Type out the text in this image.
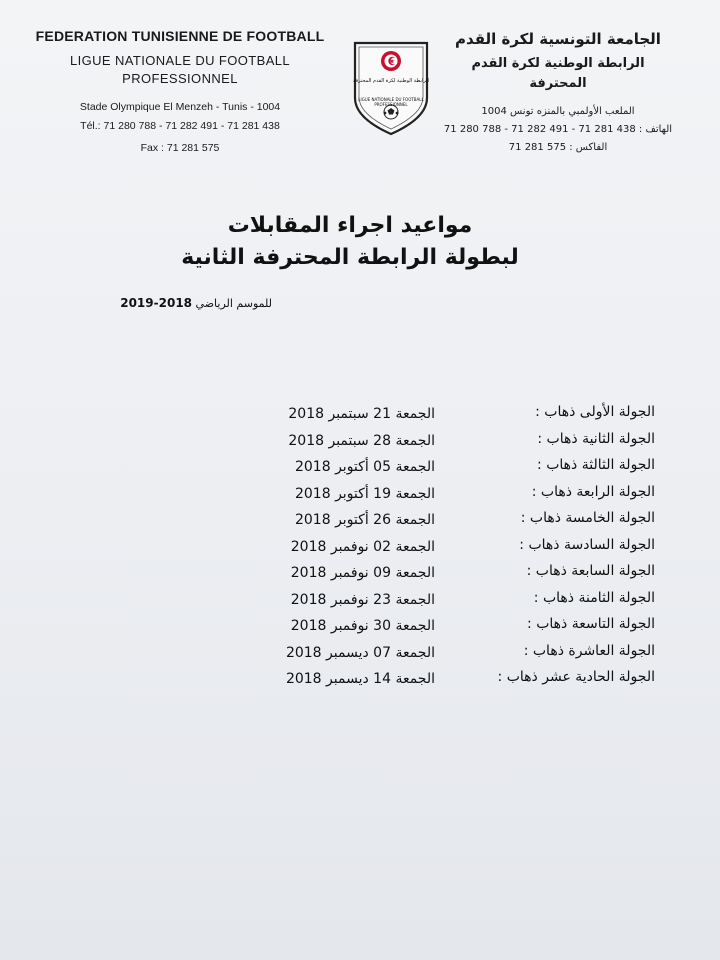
FEDERATION TUNISIENNE DE FOOTBALL
LIGUE NATIONALE DU FOOTBALL
PROFESSIONNEL
Stade Olympique El Menzeh - Tunis - 1004
Tél.: 71 280 788 - 71 282 491 - 71 281 438
Fax : 71 281 575
الرابطة الوطنية لكرة القدم المحترفة
LIGUE NATIONALE DU FOOTBALL PROFESSIONNEL
الجامعة التونسية لكرة القدم
الرابطة الوطنية لكرة القدم
المحترفة
الملعب الأولمبي بالمنزه تونس 1004
الهاتف : 438 281 71 - 491 282 71 - 788 280 71
الفاكس : 575 281 71
مواعيد اجراء المقابلات
لبطولة الرابطة المحترفة الثانية
للموسم الرياضي 2018-2019
الجولة الأولى ذهاب :
الجمعة 21 سبتمبر 2018
الجولة الثانية ذهاب :
الجمعة 28 سبتمبر 2018
الجولة الثالثة ذهاب :
الجمعة 05 أكتوبر 2018
الجولة الرابعة ذهاب :
الجمعة 19 أكتوبر 2018
الجولة الخامسة ذهاب :
الجمعة 26 أكتوبر 2018
الجولة السادسة ذهاب :
الجمعة 02 نوفمبر 2018
الجولة السابعة ذهاب :
الجمعة 09 نوفمبر 2018
الجولة الثامنة ذهاب :
الجمعة 23 نوفمبر 2018
الجولة التاسعة ذهاب :
الجمعة 30 نوفمبر 2018
الجولة العاشرة ذهاب :
الجمعة 07 ديسمبر 2018
الجولة الحادية عشر ذهاب :
الجمعة 14 ديسمبر 2018
